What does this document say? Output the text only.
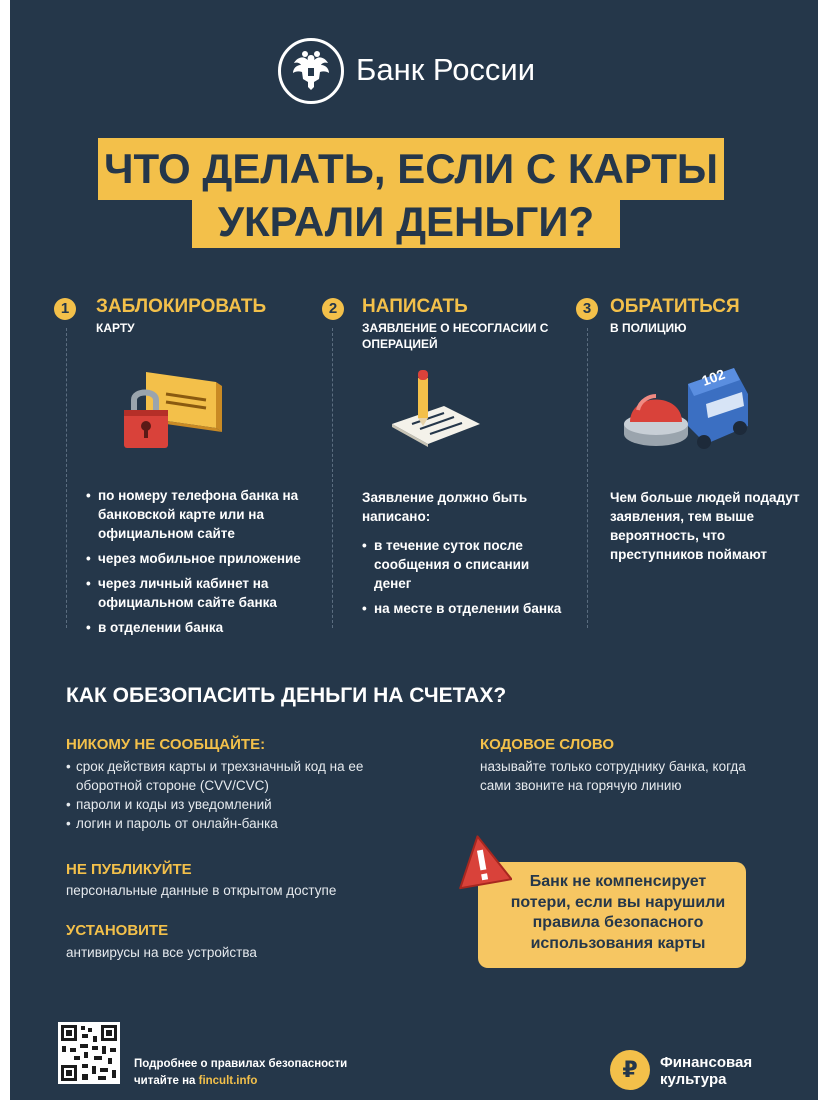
Банк России
ЧТО ДЕЛАТЬ, ЕСЛИ С КАРТЫ
УКРАЛИ ДЕНЬГИ?
1	ЗАБЛОКИРОВАТЬ
КАРТУ
• по номеру телефона банка на банковской карте или на официальном сайте
• через мобильное приложение
• через личный кабинет на официальном сайте банка
• в отделении банка
2	НАПИСАТЬ
ЗАЯВЛЕНИЕ О НЕСОГЛАСИИ С ОПЕРАЦИЕЙ
Заявление должно быть написано:
• в течение суток после сообщения о списании денег
• на месте в отделении банка
3 ОБРАТИТЬСЯ
В ПОЛИЦИЮ
102
Чем больше людей подадут заявления, тем выше вероятность, что преступников поймают
КАК ОБЕЗОПАСИТЬ ДЕНЬГИ НА СЧЕТАХ?
НИКОМУ НЕ СООБЩАЙТЕ:
• срок действия карты и трехзначный код на ее оборотной стороне (CVV/CVC)
• пароли и коды из уведомлений
• логин и пароль от онлайн-банка
НЕ ПУБЛИКУЙТЕ
персональные данные в открытом доступе
УСТАНОВИТЕ
антивирусы на все устройства
КОДОВОЕ СЛОВО
называйте только сотруднику банка, когда сами звоните на горячую линию
Банк не компенсирует потери, если вы нарушили правила безопасного использования карты
Подробнее о правилах безопасности
читайте на fincult.info	₽	Финансовая
культура
